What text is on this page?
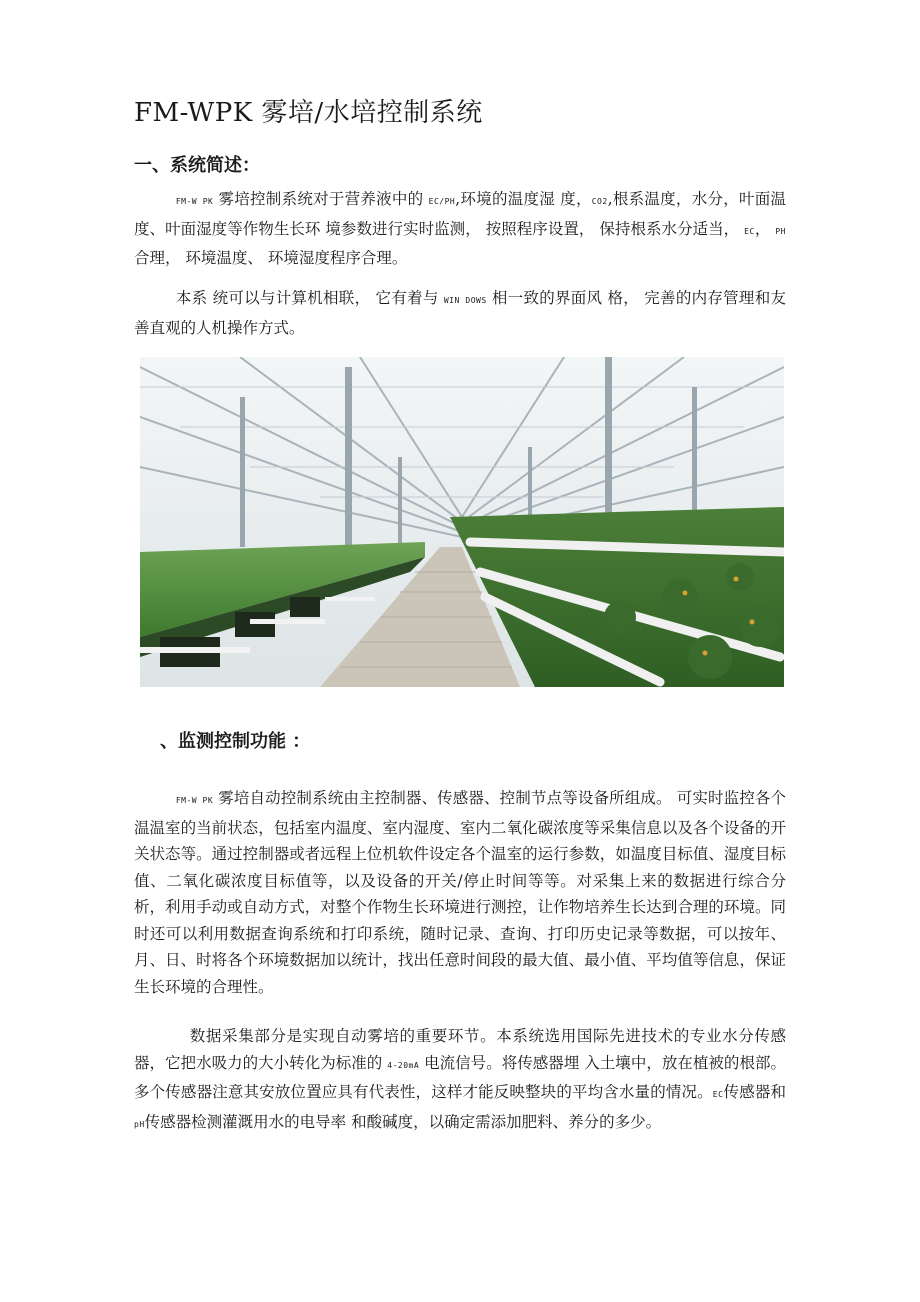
FM-WPK 雾培/水培控制系统
一、系统简述：

FM-W PK 雾培控制系统对于营养液中的 EC/PH,环境的温度湿 度，CO2,根系温度，水分，叶面温度、叶面湿度等作物生长环 境参数进行实时监测， 按照程序设置， 保持根系水分适当， EC， PH 合理， 环境温度、 环境湿度程序合理。

本系 统可以与计算机相联， 它有着与 WIN DOWS 相一致的界面风 格， 完善的内存管理和友善直观的人机操作方式。

、监测控制功能 ：

FM-W PK 雾培自动控制系统由主控制器、传感器、控制节点等设备所组成。 可实时监控各个温温室的当前状态，包括室内温度、室内湿度、室内二氧化碳浓度等采集信息以及各个设备的开关状态等。通过控制器或者远程上位机软件设定各个温室的运行参数，如温度目标值、湿度目标值、二氧化碳浓度目标值等，以及设备的开关/停止时间等等。对采集上来的数据进行综合分析，利用手动或自动方式，对整个作物生长环境进行测控，让作物培养生长达到合理的环境。同时还可以利用数据查询系统和打印系统，随时记录、查询、打印历史记录等数据，可以按年、月、日、时将各个环境数据加以统计，找出任意时间段的最大值、最小值、平均值等信息，保证生长环境的合理性。

数据采集部分是实现自动雾培的重要环节。本系统选用国际先进技术的专业水分传感器，它把水吸力的大小转化为标准的 4-20mA 电流信号。将传感器埋 入土壤中，放在植被的根部。多个传感器注意其安放位置应具有代表性，这样才能反映整块的平均含水量的情况。EC传感器和pH传感器检测灌溉用水的电导率 和酸碱度，以确定需添加肥料、养分的多少。
